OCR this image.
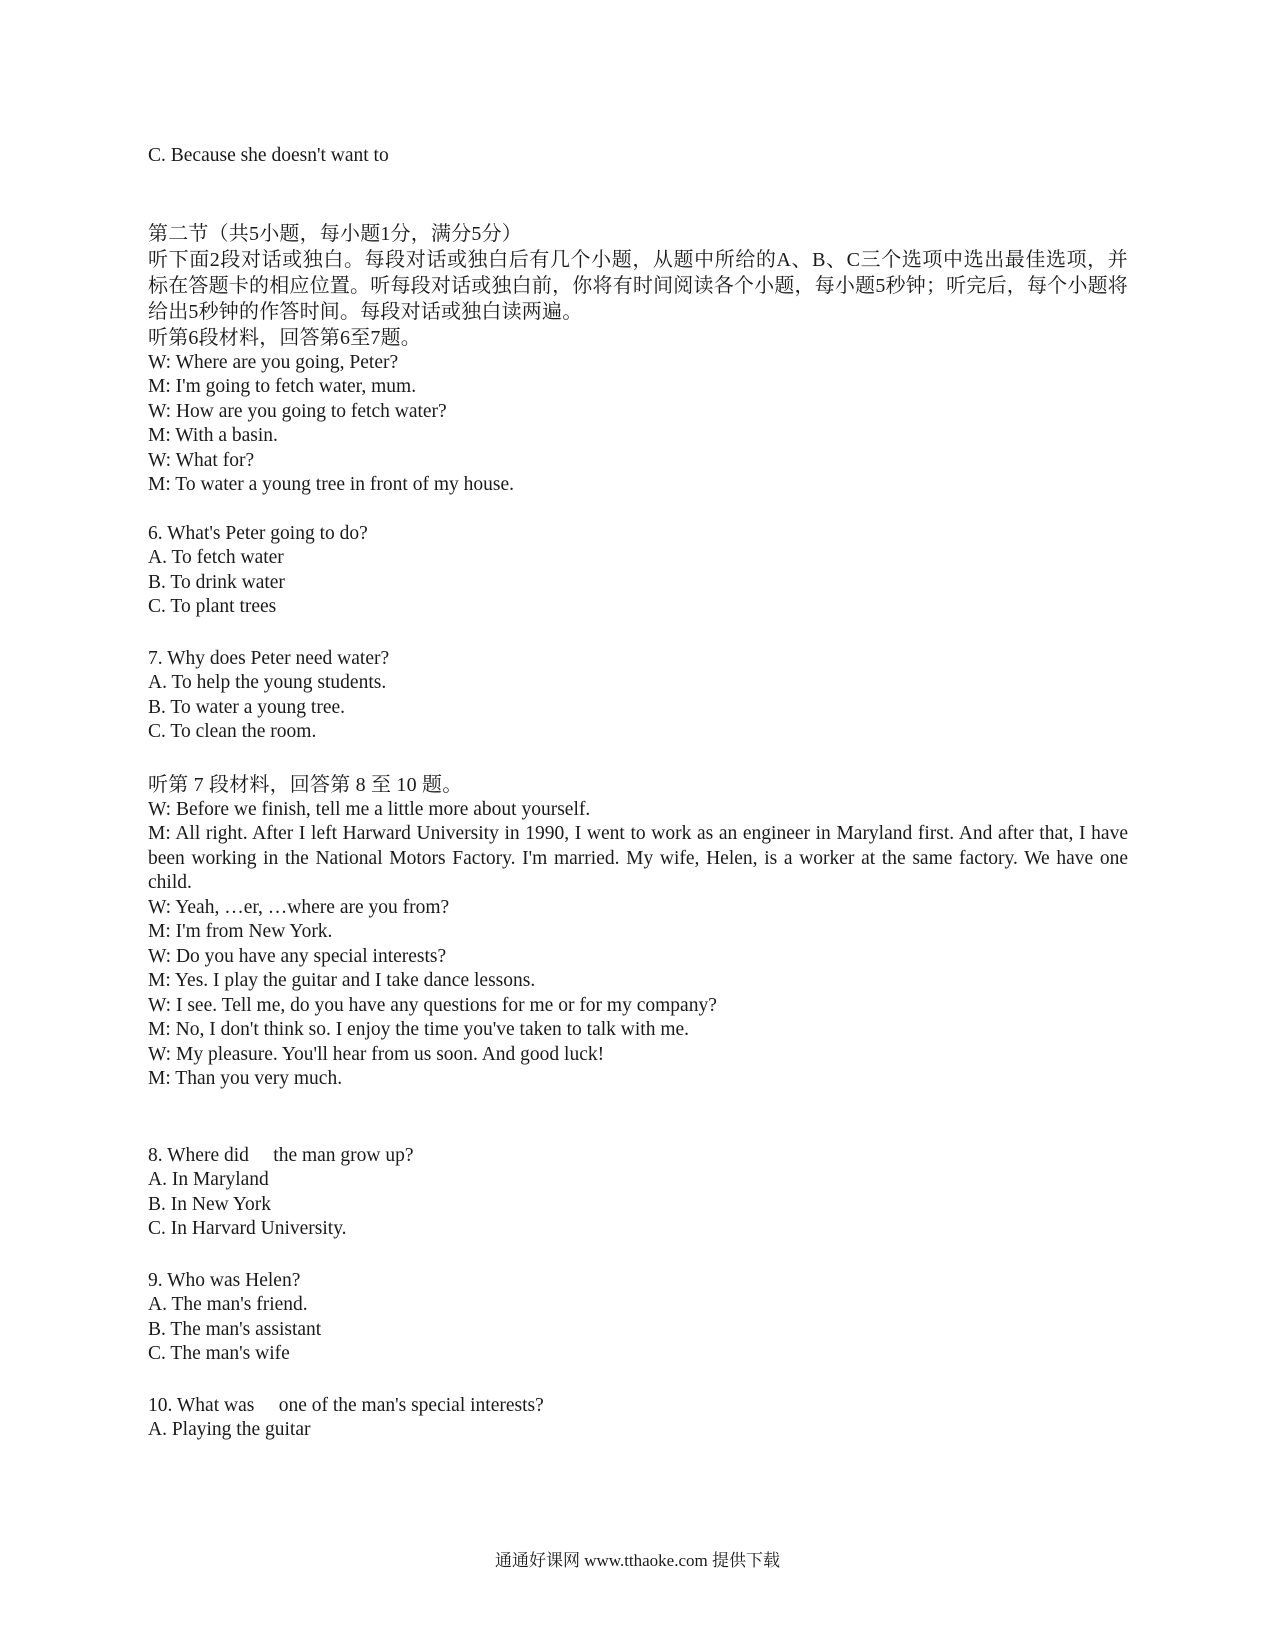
C. Because she doesn't want to

第二节（共5小题，每小题1分，满分5分）

听下面2段对话或独白。每段对话或独白后有几个小题，从题中所给的A、B、C三个选项中选出最佳选项，并标在答题卡的相应位置。听每段对话或独白前，你将有时间阅读各个小题，每小题5秒钟；听完后，每个小题将给出5秒钟的作答时间。每段对话或独白读两遍。

听第6段材料，回答第6至7题。

W: Where are you going, Peter?

M: I'm going to fetch water, mum.

W: How are you going to fetch water?

M: With a basin.

W: What for?

M: To water a young tree in front of my house.

6. What's Peter going to do?

A. To fetch water

B. To drink water

C. To plant trees

7. Why does Peter need water?

A. To help the young students.

B. To water a young tree.

C. To clean the room.

听第 7 段材料，回答第 8 至 10 题。

W: Before we finish, tell me a little more about yourself.

M: All right. After I left Harward University in 1990, I went to work as an engineer in Maryland first. And after that, I have been working in the National Motors Factory. I'm married. My wife, Helen, is a worker at the same factory. We have one child.

W: Yeah, …er, …where are you from?

M: I'm from New York.

W: Do you have any special interests?

M: Yes. I play the guitar and I take dance lessons.

W: I see. Tell me, do you have any questions for me or for my company?

M: No, I don't think so. I enjoy the time you've taken to talk with me.

W: My pleasure. You'll hear from us soon. And good luck!

M: Than you very much.

8. Where did     the man grow up?

A. In Maryland

B. In New York

C. In Harvard University.

9. Who was Helen?

A. The man's friend.

B. The man's assistant

C. The man's wife

10. What was     one of the man's special interests?

A. Playing the guitar

通通好课网 www.tthaoke.com 提供下载
